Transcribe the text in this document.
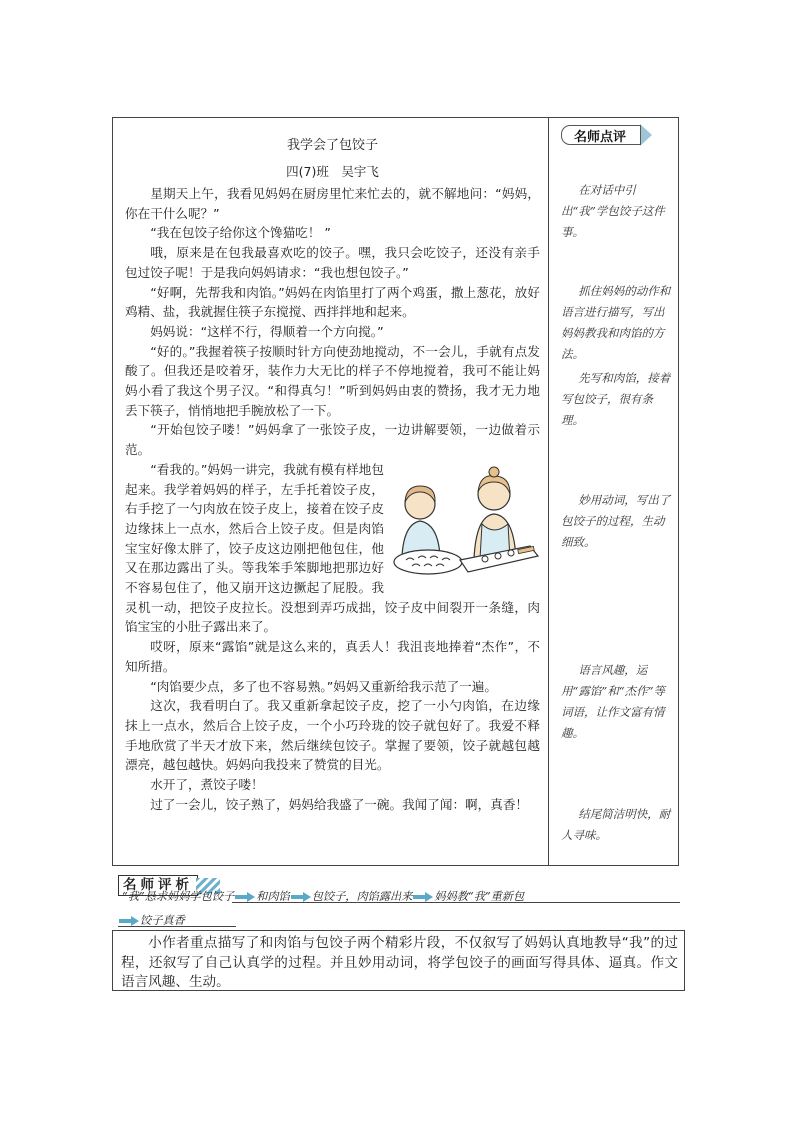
我学会了包饺子
四(7)班　吴宇飞

星期天上午，我看见妈妈在厨房里忙来忙去的，就不解地问：“妈妈，你在干什么呢？”

“我在包饺子给你这个馋猫吃！ ”

哦，原来是在包我最喜欢吃的饺子。嘿，我只会吃饺子，还没有亲手包过饺子呢！于是我向妈妈请求：“我也想包饺子。”

“好啊，先帮我和肉馅。”妈妈在肉馅里打了两个鸡蛋，撒上葱花，放好鸡精、盐，我就握住筷子东搅搅、西拌拌地和起来。

妈妈说：“这样不行，得顺着一个方向搅。”

“好的。”我握着筷子按顺时针方向使劲地搅动，不一会儿，手就有点发酸了。但我还是咬着牙，装作力大无比的样子不停地搅着，我可不能让妈妈小看了我这个男子汉。“和得真匀！”听到妈妈由衷的赞扬，我才无力地丢下筷子，悄悄地把手腕放松了一下。

“开始包饺子喽！”妈妈拿了一张饺子皮，一边讲解要领，一边做着示范。

“看我的。”妈妈一讲完，我就有模有样地包起来。我学着妈妈的样子，左手托着饺子皮，右手挖了一勺肉放在饺子皮上，接着在饺子皮边缘抹上一点水，然后合上饺子皮。但是肉馅宝宝好像太胖了，饺子皮这边刚把他包住，他又在那边露出了头。等我笨手笨脚地把那边好不容易包住了，他又崩开这边撅起了屁股。我灵机一动，把饺子皮拉长。没想到弄巧成拙，饺子皮中间裂开一条缝，肉馅宝宝的小肚子露出来了。

哎呀，原来“露馅”就是这么来的，真丢人！我沮丧地捧着“杰作”，不知所措。

“肉馅要少点，多了也不容易熟。”妈妈又重新给我示范了一遍。

这次，我看明白了。我又重新拿起饺子皮，挖了一小勺肉馅，在边缘抹上一点水，然后合上饺子皮，一个小巧玲珑的饺子就包好了。我爱不释手地欣赏了半天才放下来，然后继续包饺子。掌握了要领，饺子就越包越漂亮，越包越快。妈妈向我投来了赞赏的目光。

水开了，煮饺子喽！

过了一会儿，饺子熟了，妈妈给我盛了一碗。我闻了闻：啊，真香！

名师点评
在对话中引出“我”学包饺子这件事。
抓住妈妈的动作和语言进行描写，写出妈妈教我和肉馅的方法。
先写和肉馅，接着写包饺子，很有条理。
妙用动词，写出了包饺子的过程，生动细致。
语言风趣，运用“露馅”和“杰作”等词语，让作文富有情趣。
结尾简洁明快，耐人寻味。
名师评析
“我”恳求妈妈学包饺子 和肉馅 包饺子，肉馅露出来 妈妈教“我”重新包
饺子真香
小作者重点描写了和肉馅与包饺子两个精彩片段，不仅叙写了妈妈认真地教导“我”的过程，还叙写了自己认真学的过程。并且妙用动词，将学包饺子的画面写得具体、逼真。作文语言风趣、生动。
